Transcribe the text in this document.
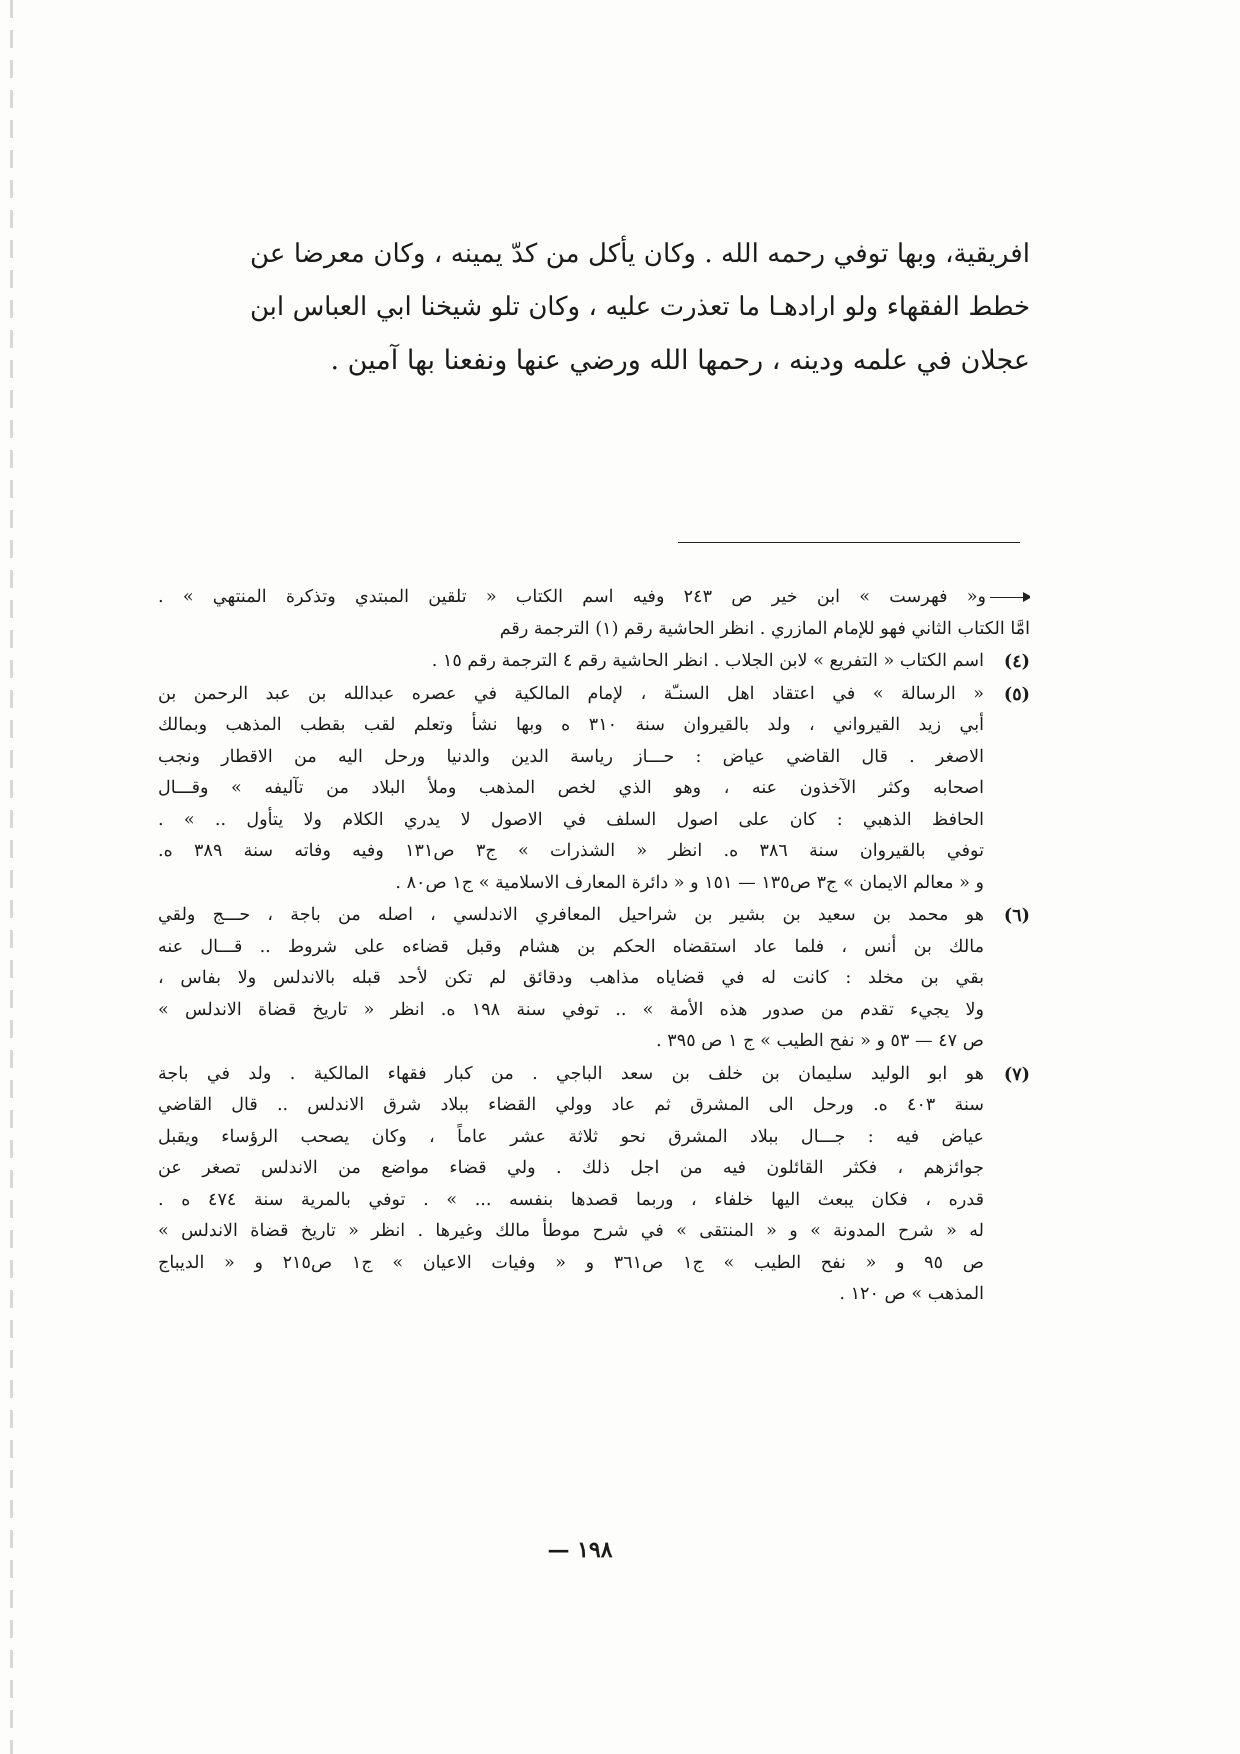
افريقية، وبها توفي رحمه الله . وكان يأكل من كدّ يمينه ، وكان معرضا عن
خطط الفقهاء ولو ارادهـا ما تعذرت عليه ، وكان تلو شيخنا ابي العباس ابن
عجلان في علمه ودينه ، رحمها الله ورضي عنها ونفعنا بها آمين .

و« فهرست » ابن خير ص ٢٤٣ وفيه اسم الكتاب « تلقين المبتدي وتذكرة المنتهي » .
امَّا الكتاب الثاني فهو للإمام المازري . انظر الحاشية رقم (١) الترجمة رقم
(٤)
اسم الكتاب « التفريع » لابن الجلاب . انظر الحاشية رقم ٤ الترجمة رقم ١٥ .
(٥)
« الرسالة » في اعتقاد اهل السنـّة ، لإمام المالكية في عصره عبدالله بن عبد الرحمن بن
أبي زيد القيرواني ، ولد بالقيروان سنة ٣١٠ ه وبها نشأ وتعلم لقب بقطب المذهب وبمالك
الاصغر . قال القاضي عياض : حـــاز رياسة الدين والدنيا ورحل اليه من الاقطار ونجب
اصحابه وكثر الآخذون عنه ، وهو الذي لخص المذهب وملأ البلاد من تآليفه » وقـــال
الحافظ الذهبي : كان على اصول السلف في الاصول لا يدري الكلام ولا يتأول .. » .
توفي بالقيروان سنة ٣٨٦ ه. انظر « الشذرات » ج٣ ص١٣١ وفيه وفاته سنة ٣٨٩ ه.
و « معالم الايمان » ج٣ ص١٣٥ — ١٥١ و « دائرة المعارف الاسلامية » ج١ ص٨٠ .
(٦)
هو محمد بن سعيد بن بشير بن شراحيل المعافري الاندلسي ، اصله من باجة ، حـــج ولقي
مالك بن أنس ، فلما عاد استقضاه الحكم بن هشام وقبل قضاءه على شروط .. قـــال عنه
بقي بن مخلد : كانت له في قضاياه مذاهب ودقائق لم تكن لأحد قبله بالاندلس ولا بفاس ،
ولا يجيء تقدم من صدور هذه الأمة » .. توفي سنة ١٩٨ ه. انظر « تاريخ قضاة الاندلس »
ص ٤٧ — ٥٣ و « نفح الطيب » ج ١ ص ٣٩٥ .
(٧)
هو ابو الوليد سليمان بن خلف بن سعد الباجي . من كبار فقهاء المالكية . ولد في باجة
سنة ٤٠٣ ه. ورحل الى المشرق ثم عاد وولي القضاء ببلاد شرق الاندلس .. قال القاضي
عياض فيه : جـــال ببلاد المشرق نحو ثلاثة عشر عاماً ، وكان يصحب الرؤساء ويقبل
جوائزهم ، فكثر القائلون فيه من اجل ذلك . ولي قضاء مواضع من الاندلس تصغر عن
قدره ، فكان يبعث اليها خلفاء ، وربما قصدها بنفسه ... » . توفي بالمرية سنة ٤٧٤ ه .
له « شرح المدونة » و « المنتقى » في شرح موطأ مالك وغيرها . انظر « تاريخ قضاة الاندلس »
ص ٩٥ و « نفح الطيب » ج١ ص٣٦١ و « وفيات الاعيان » ج١ ص٢١٥ و « الديباج
المذهب » ص ١٢٠ .
١٩٨ —
